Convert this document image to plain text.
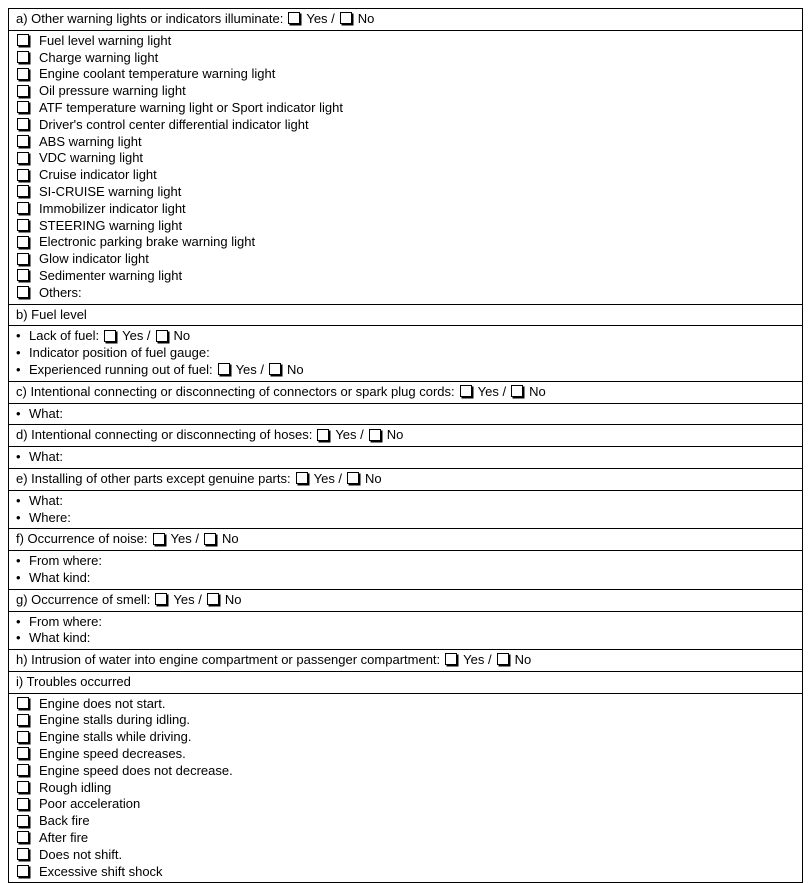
a) Other warning lights or indicators illuminate: Yes / No
Fuel level warning light
Charge warning light
Engine coolant temperature warning light
Oil pressure warning light
ATF temperature warning light or Sport indicator light
Driver's control center differential indicator light
ABS warning light
VDC warning light
Cruise indicator light
SI-CRUISE warning light
Immobilizer indicator light
STEERING warning light
Electronic parking brake warning light
Glow indicator light
Sedimenter warning light
Others:
b) Fuel level
• Lack of fuel: Yes / No
• Indicator position of fuel gauge:
• Experienced running out of fuel: Yes / No
c) Intentional connecting or disconnecting of connectors or spark plug cords: Yes / No
• What:
d) Intentional connecting or disconnecting of hoses: Yes / No
• What:
e) Installing of other parts except genuine parts: Yes / No
• What:
• Where:
f) Occurrence of noise: Yes / No
• From where:
• What kind:
g) Occurrence of smell: Yes / No
• From where:
• What kind:
h) Intrusion of water into engine compartment or passenger compartment: Yes / No
i) Troubles occurred
Engine does not start.
Engine stalls during idling.
Engine stalls while driving.
Engine speed decreases.
Engine speed does not decrease.
Rough idling
Poor acceleration
Back fire
After fire
Does not shift.
Excessive shift shock
